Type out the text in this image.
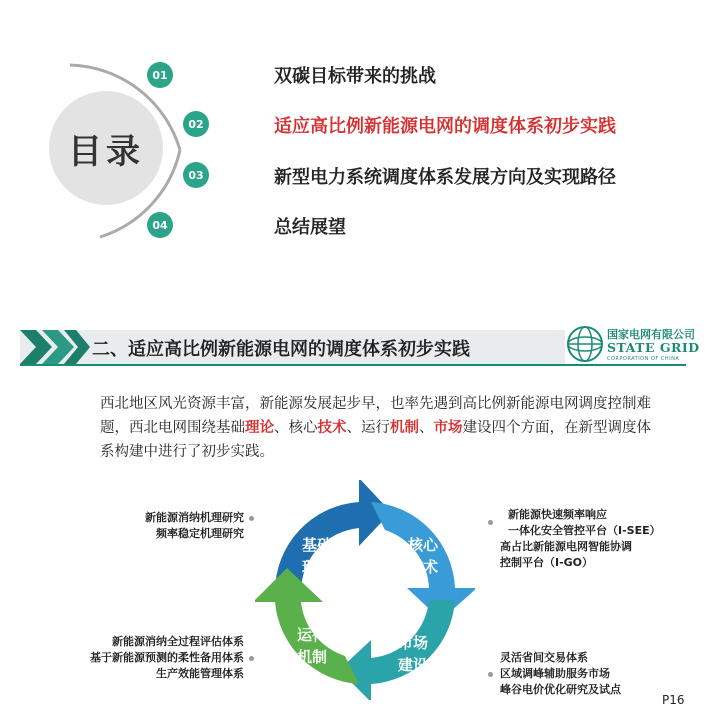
目录
01
02
03
04
双碳目标带来的挑战
适应高比例新能源电网的调度体系初步实践
新型电力系统调度体系发展方向及实现路径
总结展望
二、适应高比例新能源电网的调度体系初步实践
国家电网有限公司
STATE GRID
CORPORATION OF CHINA
西北地区风光资源丰富，新能源发展起步早，也率先遇到高比例新能源电网调度控制难题，西北电网围绕基础理论、核心技术、运行机制、市场建设四个方面，在新型调度体系构建中进行了初步实践。
基础
理论
核心
技术
市场
建设
运行
机制
新能源消纳机理研究
频率稳定机理研究
新能源快速频率响应
一体化安全管控平台（I-SEE）
高占比新能源电网智能协调
控制平台（I-GO）
新能源消纳全过程评估体系
基于新能源预测的柔性备用体系
生产效能管理体系
灵活省间交易体系
区域调峰辅助服务市场
峰谷电价优化研究及试点
P16
